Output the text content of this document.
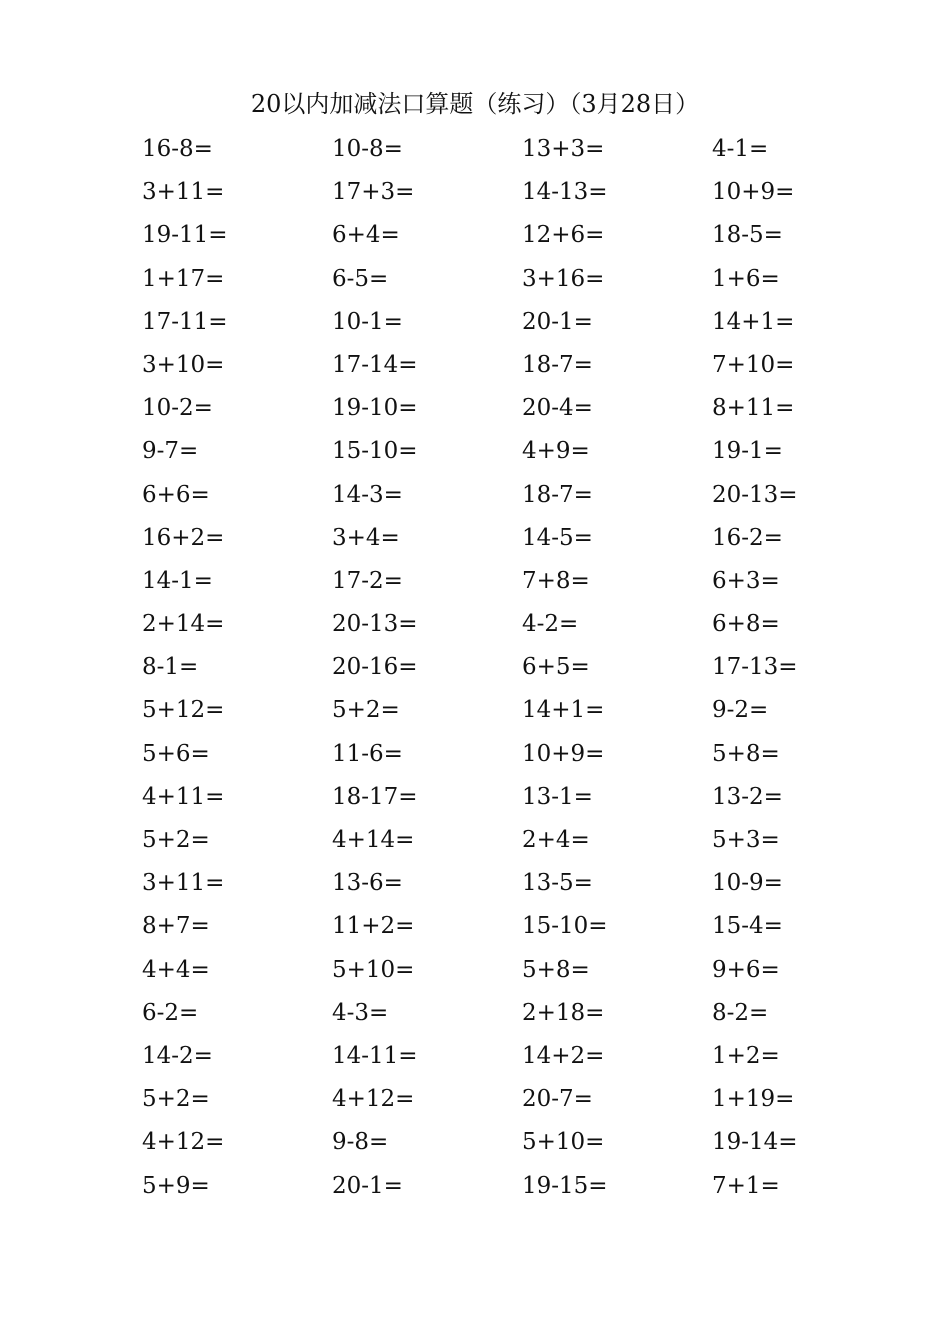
20以内加减法口算题（练习）（3月28日）
16-8=	10-8=	13+3=	4-1=
3+11=	17+3=	14-13=	10+9=
19-11=	6+4=	12+6=	18-5=
1+17=	6-5=	3+16=	1+6=
17-11=	10-1=	20-1=	14+1=
3+10=	17-14=	18-7=	7+10=
10-2=	19-10=	20-4=	8+11=
9-7=	15-10=	4+9=	19-1=
6+6=	14-3=	18-7=	20-13=
16+2=	3+4=	14-5=	16-2=
14-1=	17-2=	7+8=	6+3=
2+14=	20-13=	4-2=	6+8=
8-1=	20-16=	6+5=	17-13=
5+12=	5+2=	14+1=	9-2=
5+6=	11-6=	10+9=	5+8=
4+11=	18-17=	13-1=	13-2=
5+2=	4+14=	2+4=	5+3=
3+11=	13-6=	13-5=	10-9=
8+7=	11+2=	15-10=	15-4=
4+4=	5+10=	5+8=	9+6=
6-2=	4-3=	2+18=	8-2=
14-2=	14-11=	14+2=	1+2=
5+2=	4+12=	20-7=	1+19=
4+12=	9-8=	5+10=	19-14=
5+9=	20-1=	19-15=	7+1=
